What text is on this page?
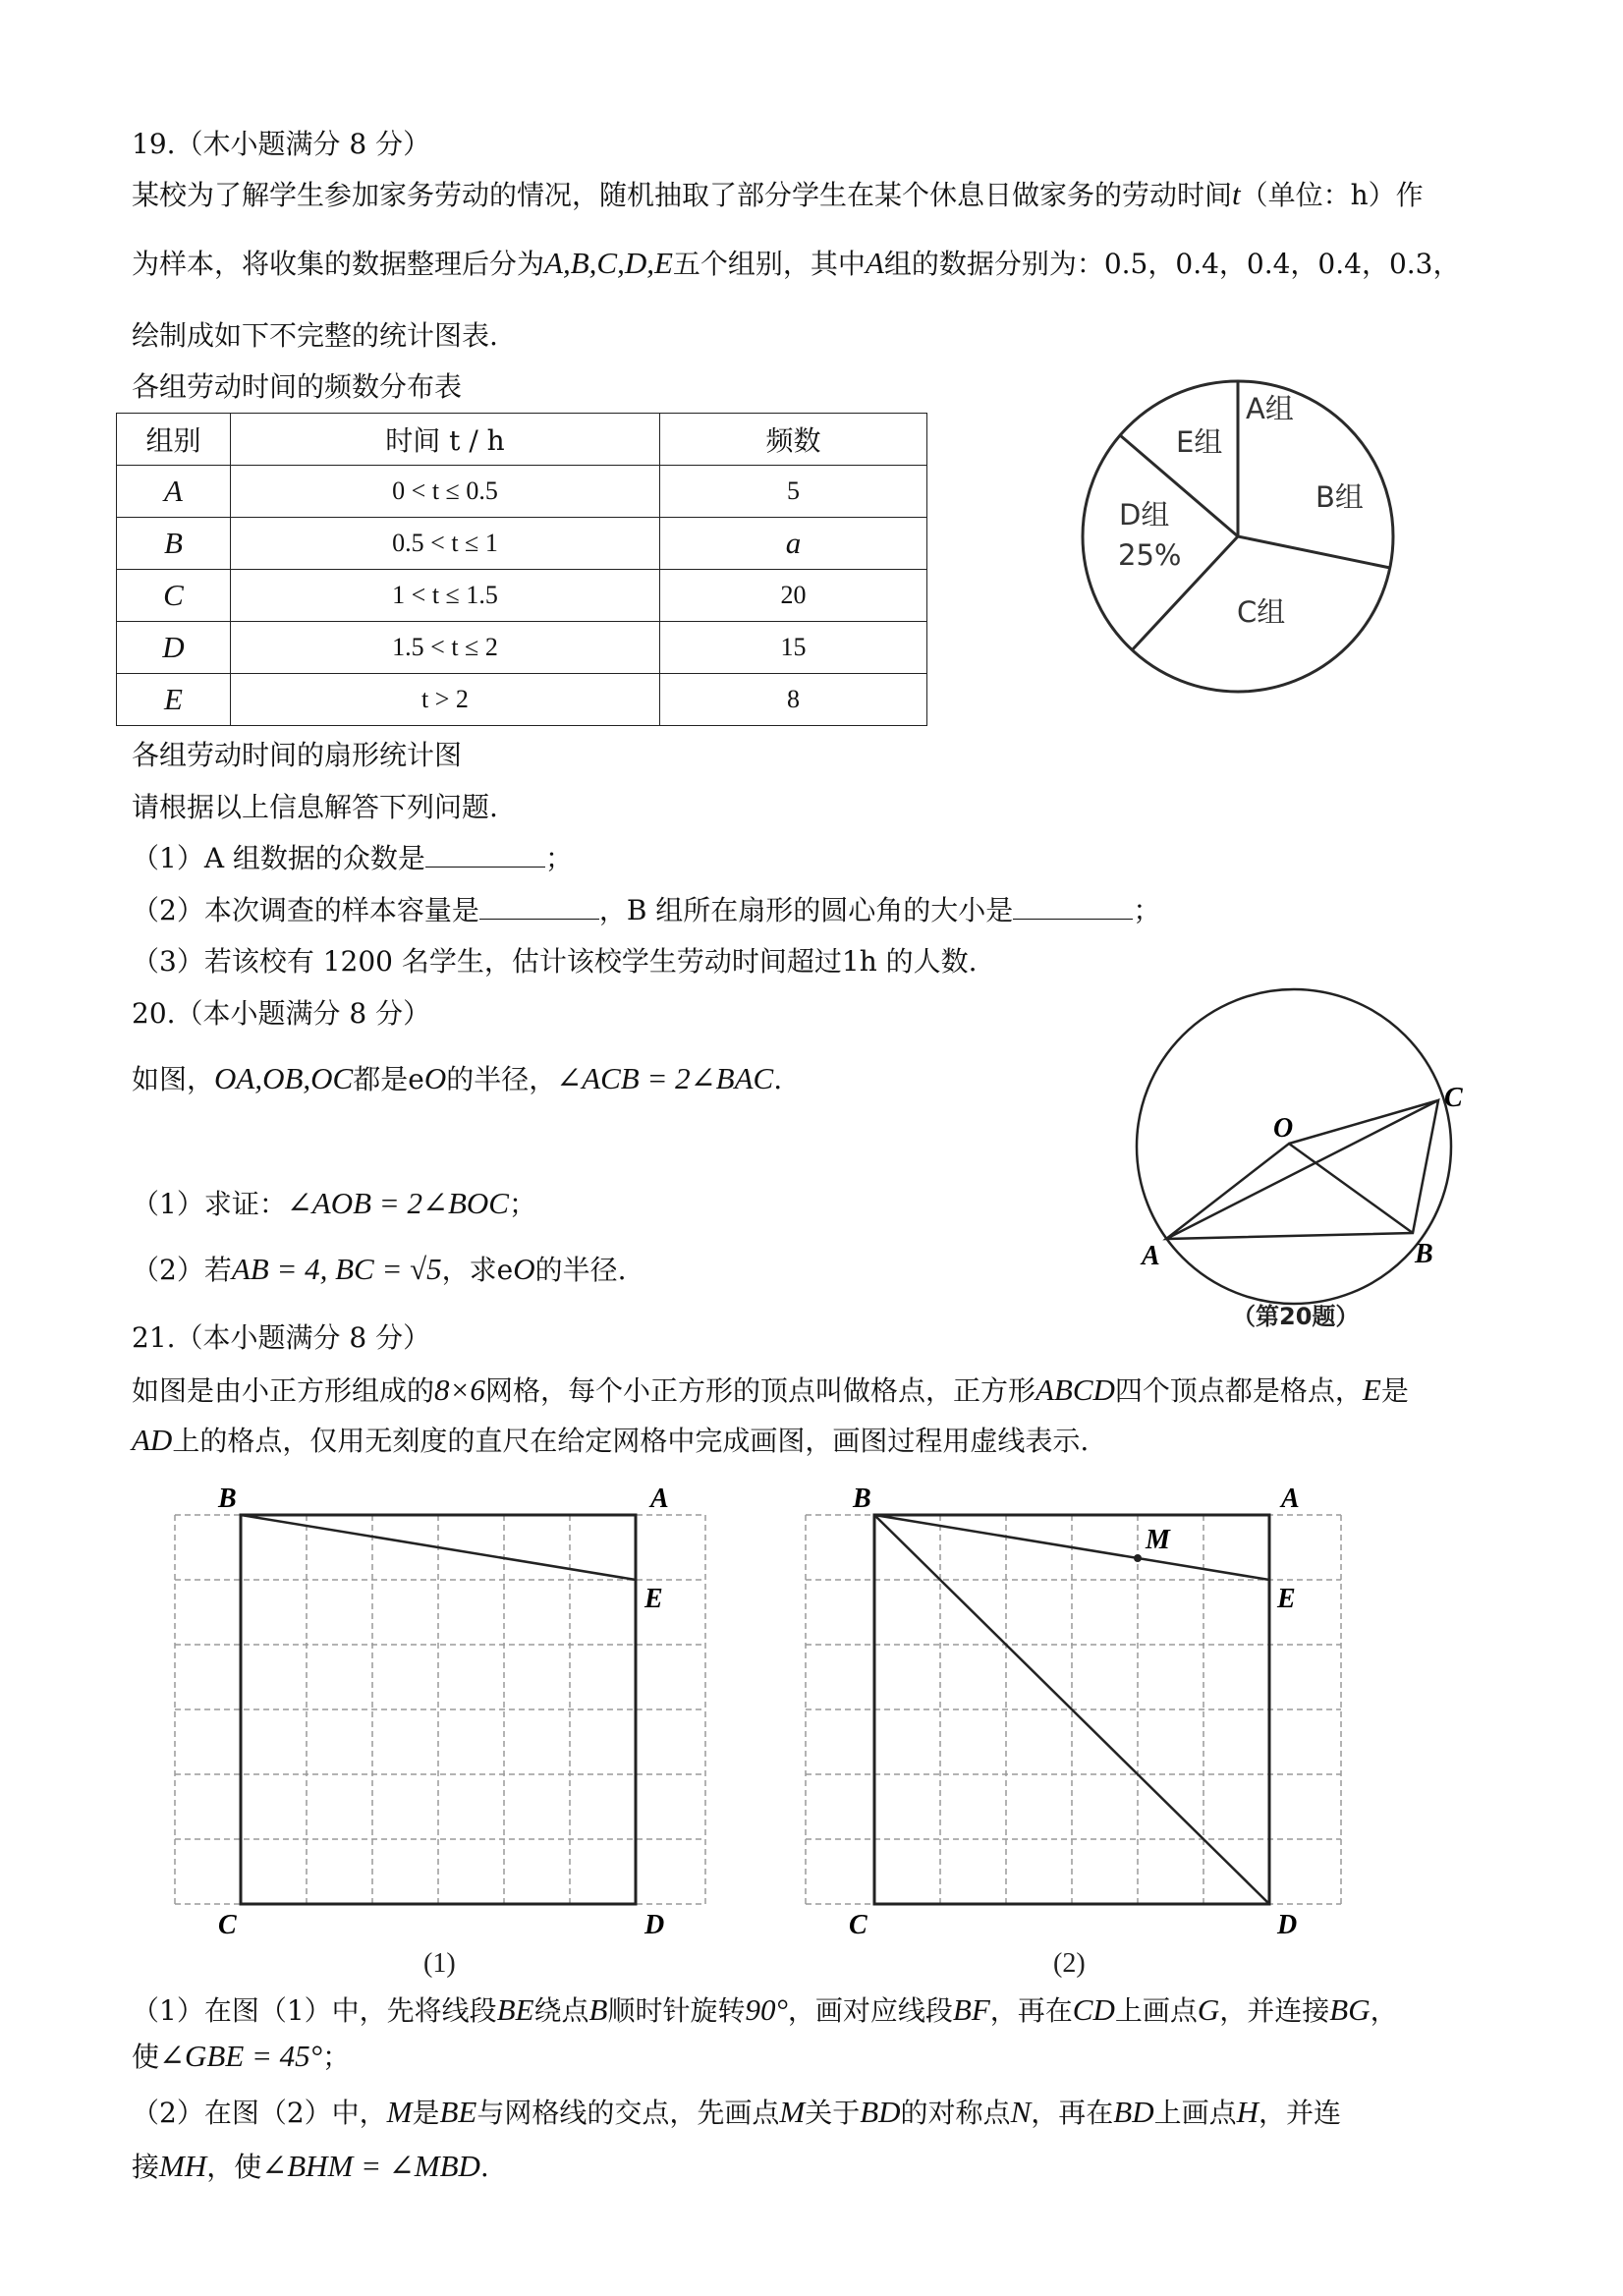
19.（木小题满分 8 分）
某校为了解学生参加家务劳动的情况，随机抽取了部分学生在某个休息日做家务的劳动时间t（单位：h）作
为样本，将收集的数据整理后分为A,B,C,D,E五个组别，其中A组的数据分别为：0.5，0.4，0.4，0.4，0.3，
绘制成如下不完整的统计图表.
各组劳动时间的频数分布表
组别	时间 t / h	频数
A	0 < t ≤ 0.5	5
B	0.5 < t ≤ 1	a
C	1 < t ≤ 1.5	20
D	1.5 < t ≤ 2	15
E	t > 2	8
A组
E组
B组
D组
25%
C组
各组劳动时间的扇形统计图
请根据以上信息解答下列问题.
（1）A 组数据的众数是	；
（2）本次调查的样本容量是	，B 组所在扇形的圆心角的大小是	；
（3）若该校有 1200 名学生，估计该校学生劳动时间超过1h 的人数.
20.（本小题满分 8 分）
如图，OA,OB,OC都是eO的半径，∠ACB = 2∠BAC.
（1）求证：∠AOB = 2∠BOC；
（2）若AB = 4, BC = √5，求eO的半径.
O
C
A	B
（第20题）
21.（本小题满分 8 分）
如图是由小正方形组成的8×6网格，每个小正方形的顶点叫做格点，正方形ABCD四个顶点都是格点，E是
AD上的格点，仅用无刻度的直尺在给定网格中完成画图，画图过程用虚线表示.
B	A
E
C	D
(1)
B	A
M
E
C	D
(2)
（1）在图（1）中，先将线段BE绕点B顺时针旋转90°，画对应线段BF，再在CD上画点G，并连接BG，
使∠GBE = 45°；
（2）在图（2）中，M是BE与网格线的交点，先画点M关于BD的对称点N，再在BD上画点H，并连
接MH，使∠BHM = ∠MBD.
